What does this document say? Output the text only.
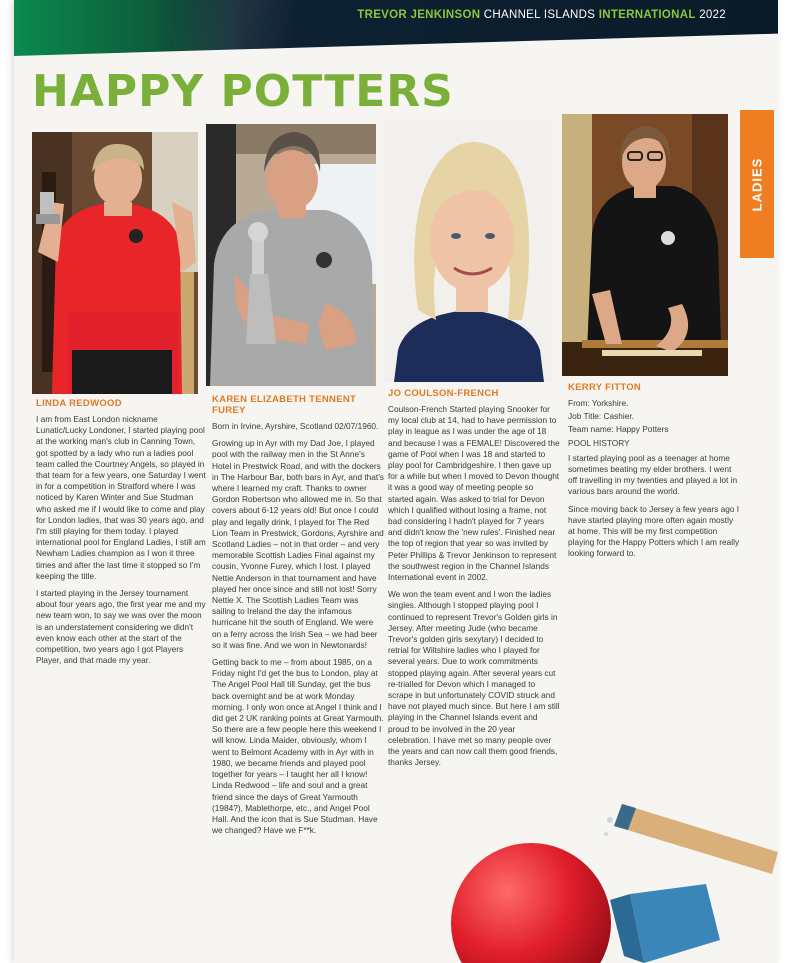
TREVOR JENKINSON CHANNEL ISLANDS INTERNATIONAL 2022

HAPPY POTTERS
LADIES
LINDA REDWOOD

I am from East London nickname Lunatic/Lucky Londoner, I started playing pool at the working man's club in Canning Town, got spotted by a lady who run a ladies pool team called the Courtney Angels, so played in that team for a few years, one Saturday I went in for a competition in Stratford where I was noticed by Karen Winter and Sue Studman who asked me if I would like to come and play for London ladies, that was 30 years ago, and I'm still playing for them today. I played international pool for England Ladies, I still am Newham Ladies champion as I won it three times and after the last time it stopped so I'm keeping the title.

I started playing in the Jersey tournament about four years ago, the first year me and my new team won, to say we was over the moon is an understatement considering we didn't even know each other at the start of the competition, two years ago I got Players Player, and that made my year.

KAREN ELIZABETH TENNENT FUREY

Born in Irvine, Ayrshire, Scotland 02/07/1960.

Growing up in Ayr with my Dad Joe, I played pool with the railway men in the St Anne's Hotel in Prestwick Road, and with the dockers in The Harbour Bar, both bars in Ayr, and that's where I learned my craft. Thanks to owner Gordon Robertson who allowed me in. So that covers about 6-12 years old! But once I could play and legally drink, I played for The Red Lion Team in Prestwick, Gordons, Ayrshire and Scotland Ladies – not in that order – and very memorable Scottish Ladies Final against my cousin, Yvonne Furey, which I lost. I played Nettie Anderson in that tournament and have played her once since and still not lost! Sorry Nettie X. The Scottish Ladies Team was sailing to Ireland the day the infamous hurricane hit the south of England. We were on a ferry across the Irish Sea – we had beer so it was fine. And we won in Newtonards!

Getting back to me – from about 1985, on a Friday night I'd get the bus to London, play at The Angel Pool Hall till Sunday, get the bus back overnight and be at work Monday morning. I only won once at Angel I think and I did get 2 UK ranking points at Great Yarmouth. So there are a few people here this weekend I will know. Linda Maider, obviously, whom I went to Belmont Academy with in Ayr with in 1980, we became friends and played pool together for years – I taught her all I know! Linda Redwood – life and soul and a great friend since the days of Great Yarmouth (1984?), Mablethorpe, etc., and Angel Pool Hall. And the icon that is Sue Studman. Have we changed? Have we F**k.

JO COULSON-FRENCH

Coulson-French Started playing Snooker for my local club at 14, had to have permission to play in league as I was under the age of 18 and because I was a FEMALE! Discovered the game of Pool when I was 18 and started to play pool for Cambridgeshire. I then gave up for a while but when I moved to Devon thought it was a good way of meeting people so started again. Was asked to trial for Devon which I qualified without losing a frame, not bad considering I hadn't played for 7 years and didn't know the 'new rules'. Finished near the top of region that year so was invited by Peter Phillips & Trevor Jenkinson to represent the southwest region in the Channel Islands International event in 2002.

We won the team event and I won the ladies singles. Although I stopped playing pool I continued to represent Trevor's Golden girls in Jersey. After meeting Jude (who became Trevor's golden girls sexytary) I decided to retrial for Wiltshire ladies who I played for several years. Due to work commitments stopped playing again. After several years cut re-trialled for Devon which I managed to scrape in but unfortunately COVID struck and have not played much since. But here I am still playing in the Channel Islands event and proud to be involved in the 20 year celebration. I have met so many people over the years and can now call them good friends, thanks Jersey.

KERRY FITTON

From: Yorkshire.

Job Title: Cashier.

Team name: Happy Potters

POOL HISTORY

I started playing pool as a teenager at home sometimes beating my elder brothers. I went off travelling in my twenties and played a lot in various bars around the world.

Since moving back to Jersey a few years ago I have started playing more often again mostly at home. This will be my first competition playing for the Happy Potters which I am really looking forward to.
